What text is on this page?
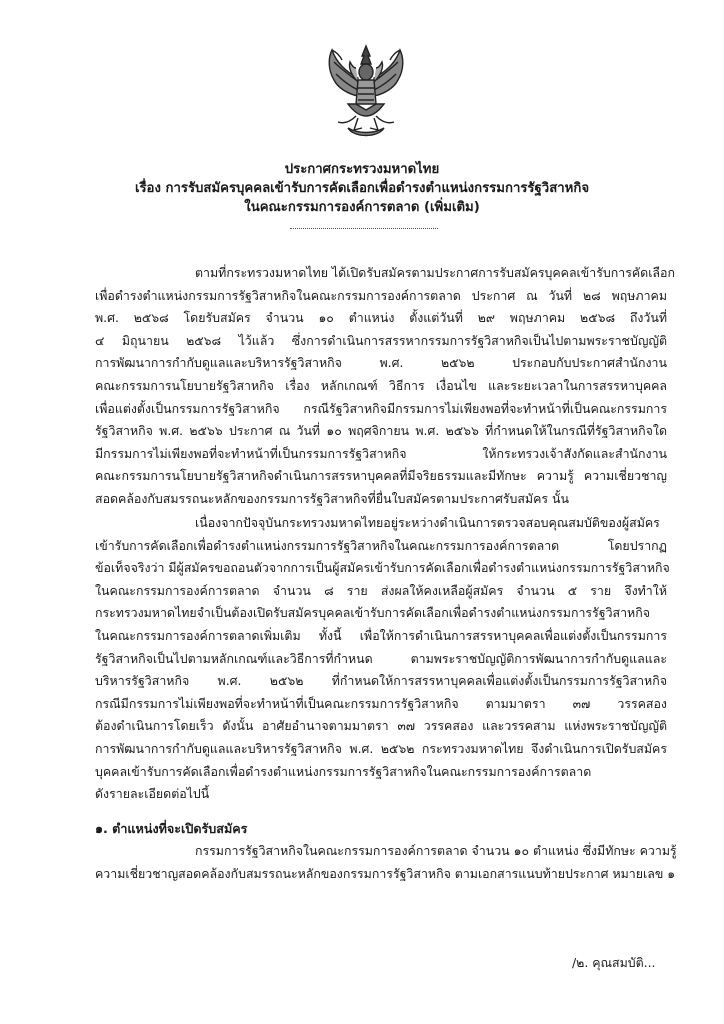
ประกาศกระทรวงมหาดไทย
เรื่อง การรับสมัครบุคคลเข้ารับการคัดเลือกเพื่อดำรงตำแหน่งกรรมการรัฐวิสาหกิจ
ในคณะกรรมการองค์การตลาด (เพิ่มเติม)
ตามที่กระทรวงมหาดไทย ได้เปิดรับสมัครตามประกาศการรับสมัครบุคคลเข้ารับการคัดเลือก
เพื่อดำรงตำแหน่งกรรมการรัฐวิสาหกิจในคณะกรรมการองค์การตลาด ประกาศ ณ วันที่ ๒๘ พฤษภาคม
พ.ศ. ๒๕๖๘ โดยรับสมัคร จำนวน ๑๐ ตำแหน่ง ตั้งแต่วันที่ ๒๙ พฤษภาคม ๒๕๖๘ ถึงวันที่
๔ มิถุนายน ๒๕๖๘ ไว้แล้ว ซึ่งการดำเนินการสรรหากรรมการรัฐวิสาหกิจเป็นไปตามพระราชบัญญัติ
การพัฒนาการกำกับดูแลและบริหารรัฐวิสาหกิจ พ.ศ. ๒๕๖๒ ประกอบกับประกาศสำนักงาน
คณะกรรมการนโยบายรัฐวิสาหกิจ เรื่อง หลักเกณฑ์ วิธีการ เงื่อนไข และระยะเวลาในการสรรหาบุคคล
เพื่อแต่งตั้งเป็นกรรมการรัฐวิสาหกิจ กรณีรัฐวิสาหกิจมีกรรมการไม่เพียงพอที่จะทำหน้าที่เป็นคณะกรรมการ
รัฐวิสาหกิจ พ.ศ. ๒๕๖๖ ประกาศ ณ วันที่ ๑๐ พฤศจิกายน พ.ศ. ๒๕๖๖ ที่กำหนดให้ในกรณีที่รัฐวิสาหกิจใด
มีกรรมการไม่เพียงพอที่จะทำหน้าที่เป็นกรรมการรัฐวิสาหกิจ ให้กระทรวงเจ้าสังกัดและสำนักงาน
คณะกรรมการนโยบายรัฐวิสาหกิจดำเนินการสรรหาบุคคลที่มีจริยธรรมและมีทักษะ ความรู้ ความเชี่ยวชาญ
สอดคล้องกับสมรรถนะหลักของกรรมการรัฐวิสาหกิจที่ยื่นใบสมัครตามประกาศรับสมัคร นั้น
เนื่องจากปัจจุบันกระทรวงมหาดไทยอยู่ระหว่างดำเนินการตรวจสอบคุณสมบัติของผู้สมัคร
เข้ารับการคัดเลือกเพื่อดำรงตำแหน่งกรรมการรัฐวิสาหกิจในคณะกรรมการองค์การตลาด โดยปรากฏ
ข้อเท็จจริงว่า มีผู้สมัครขอถอนตัวจากการเป็นผู้สมัครเข้ารับการคัดเลือกเพื่อดำรงตำแหน่งกรรมการรัฐวิสาหกิจ
ในคณะกรรมการองค์การตลาด จำนวน ๘ ราย ส่งผลให้คงเหลือผู้สมัคร จำนวน ๕ ราย จึงทำให้
กระทรวงมหาดไทยจำเป็นต้องเปิดรับสมัครบุคคลเข้ารับการคัดเลือกเพื่อดำรงตำแหน่งกรรมการรัฐวิสาหกิจ
ในคณะกรรมการองค์การตลาดเพิ่มเติม ทั้งนี้ เพื่อให้การดำเนินการสรรหาบุคคลเพื่อแต่งตั้งเป็นกรรมการ
รัฐวิสาหกิจเป็นไปตามหลักเกณฑ์และวิธีการที่กำหนด ตามพระราชบัญญัติการพัฒนาการกำกับดูแลและ
บริหารรัฐวิสาหกิจ พ.ศ. ๒๕๖๒ ที่กำหนดให้การสรรหาบุคคลเพื่อแต่งตั้งเป็นกรรมการรัฐวิสาหกิจ
กรณีมีกรรมการไม่เพียงพอที่จะทำหน้าที่เป็นคณะกรรมการรัฐวิสาหกิจ ตามมาตรา ๓๗ วรรคสอง
ต้องดำเนินการโดยเร็ว ดังนั้น อาศัยอำนาจตามมาตรา ๓๗ วรรคสอง และวรรคสาม แห่งพระราชบัญญัติ
การพัฒนาการกำกับดูแลและบริหารรัฐวิสาหกิจ พ.ศ. ๒๕๖๒ กระทรวงมหาดไทย จึงดำเนินการเปิดรับสมัคร
บุคคลเข้ารับการคัดเลือกเพื่อดำรงตำแหน่งกรรมการรัฐวิสาหกิจในคณะกรรมการองค์การตลาด
ดังรายละเอียดต่อไปนี้
๑. ตำแหน่งที่จะเปิดรับสมัคร
กรรมการรัฐวิสาหกิจในคณะกรรมการองค์การตลาด จำนวน ๑๐ ตำแหน่ง ซึ่งมีทักษะ ความรู้
ความเชี่ยวชาญสอดคล้องกับสมรรถนะหลักของกรรมการรัฐวิสาหกิจ ตามเอกสารแนบท้ายประกาศ หมายเลข ๑
/๒. คุณสมบัติ...
